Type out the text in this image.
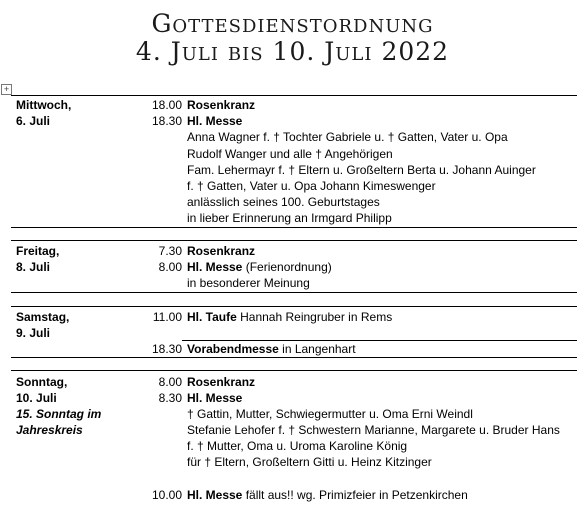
Gottesdienstordnung
4. Juli bis 10. Juli 2022
+
Mittwoch,
6. Juli
18.00 Rosenkranz
18.30 Hl. Messe
Anna Wagner f. † Tochter Gabriele u. † Gatten, Vater u. Opa
Rudolf Wanger und alle † Angehörigen
Fam. Lehermayr f. † Eltern u. Großeltern Berta u. Johann Auinger
f. † Gatten, Vater u. Opa Johann Kimeswenger
anlässlich seines 100. Geburtstages
in lieber Erinnerung an Irmgard Philipp
Freitag,
8. Juli
7.30 Rosenkranz
8.00 Hl. Messe (Ferienordnung)
in besonderer Meinung
Samstag,
9. Juli
11.00 Hl. Taufe Hannah Reingruber in Rems
18.30 Vorabendmesse in Langenhart
Sonntag,
10. Juli
15. Sonntag im
Jahreskreis
8.00 Rosenkranz
8.30 Hl. Messe
† Gattin, Mutter, Schwiegermutter u. Oma Erni Weindl
Stefanie Lehofer f. † Schwestern Marianne, Margarete u. Bruder Hans
f. † Mutter, Oma u. Uroma Karoline König
für † Eltern, Großeltern Gitti u. Heinz Kitzinger
10.00 Hl. Messe fällt aus!! wg. Primizfeier in Petzenkirchen
